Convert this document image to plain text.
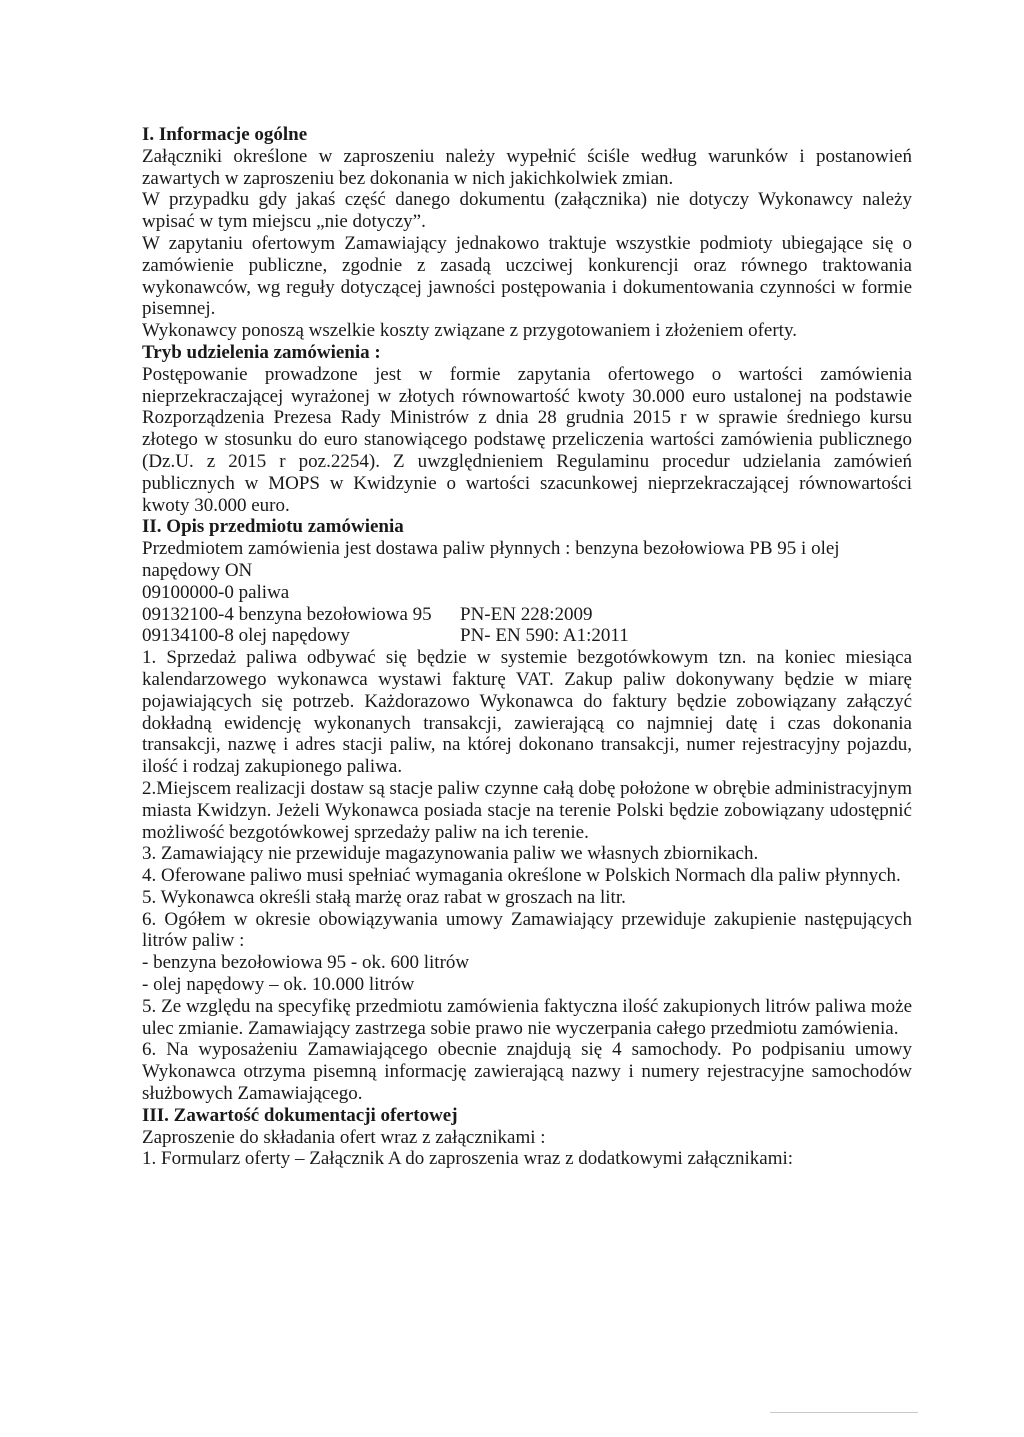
I. Informacje ogólne

Załączniki określone w zaproszeniu należy wypełnić ściśle według warunków i postanowień zawartych w zaproszeniu bez dokonania w nich jakichkolwiek zmian.

W przypadku gdy jakaś część danego dokumentu (załącznika) nie dotyczy Wykonawcy należy wpisać w tym miejscu „nie dotyczy”.

W zapytaniu ofertowym Zamawiający jednakowo traktuje wszystkie podmioty ubiegające się o zamówienie publiczne, zgodnie z zasadą uczciwej konkurencji oraz równego traktowania wykonawców, wg reguły dotyczącej jawności postępowania i dokumentowania czynności w formie pisemnej.

Wykonawcy ponoszą wszelkie koszty związane z przygotowaniem i złożeniem oferty.

Tryb udzielenia zamówienia :

Postępowanie prowadzone jest w formie zapytania ofertowego o wartości zamówienia nieprzekraczającej wyrażonej w złotych równowartość kwoty 30.000 euro ustalonej na podstawie Rozporządzenia Prezesa Rady Ministrów z dnia 28 grudnia 2015 r w sprawie średniego kursu złotego w stosunku do euro stanowiącego podstawę przeliczenia wartości zamówienia publicznego (Dz.U. z 2015 r poz.2254). Z uwzględnieniem Regulaminu procedur udzielania zamówień publicznych w MOPS w Kwidzynie o wartości szacunkowej nieprzekraczającej równowartości kwoty 30.000 euro.

II. Opis przedmiotu zamówienia

Przedmiotem zamówienia jest dostawa paliw płynnych : benzyna bezołowiowa PB 95 i olej napędowy ON

09100000-0 paliwa

09132100-4 benzyna bezołowiowa 95	PN-EN 228:2009
09134100-8 olej napędowy	PN- EN 590: A1:2011

1. Sprzedaż paliwa odbywać się będzie w systemie bezgotówkowym tzn. na koniec miesiąca kalendarzowego wykonawca wystawi fakturę VAT. Zakup paliw dokonywany będzie w miarę pojawiających się potrzeb. Każdorazowo Wykonawca do faktury będzie zobowiązany załączyć dokładną ewidencję wykonanych transakcji, zawierającą co najmniej datę i czas dokonania transakcji, nazwę i adres stacji paliw, na której dokonano transakcji, numer rejestracyjny pojazdu, ilość i rodzaj zakupionego paliwa.

2.Miejscem realizacji dostaw są stacje paliw czynne całą dobę położone w obrębie administracyjnym miasta Kwidzyn. Jeżeli Wykonawca posiada stacje na terenie Polski będzie zobowiązany udostępnić możliwość bezgotówkowej sprzedaży paliw na ich terenie.

3. Zamawiający nie przewiduje magazynowania paliw we własnych zbiornikach.

4. Oferowane paliwo musi spełniać wymagania określone w Polskich Normach dla paliw płynnych.

5. Wykonawca określi stałą marżę oraz rabat w groszach na litr.

6. Ogółem w okresie obowiązywania umowy Zamawiający przewiduje zakupienie następujących litrów paliw :

- benzyna bezołowiowa 95 - ok. 600 litrów

- olej napędowy – ok. 10.000 litrów

5. Ze względu na specyfikę przedmiotu zamówienia faktyczna ilość zakupionych litrów paliwa może ulec zmianie. Zamawiający zastrzega sobie prawo nie wyczerpania całego przedmiotu zamówienia.

6. Na wyposażeniu Zamawiającego obecnie znajdują się 4 samochody. Po podpisaniu umowy Wykonawca otrzyma pisemną informację zawierającą nazwy i numery rejestracyjne samochodów służbowych Zamawiającego.

III. Zawartość dokumentacji ofertowej

Zaproszenie do składania ofert wraz z załącznikami :

1. Formularz oferty – Załącznik A do zaproszenia wraz z dodatkowymi załącznikami:
